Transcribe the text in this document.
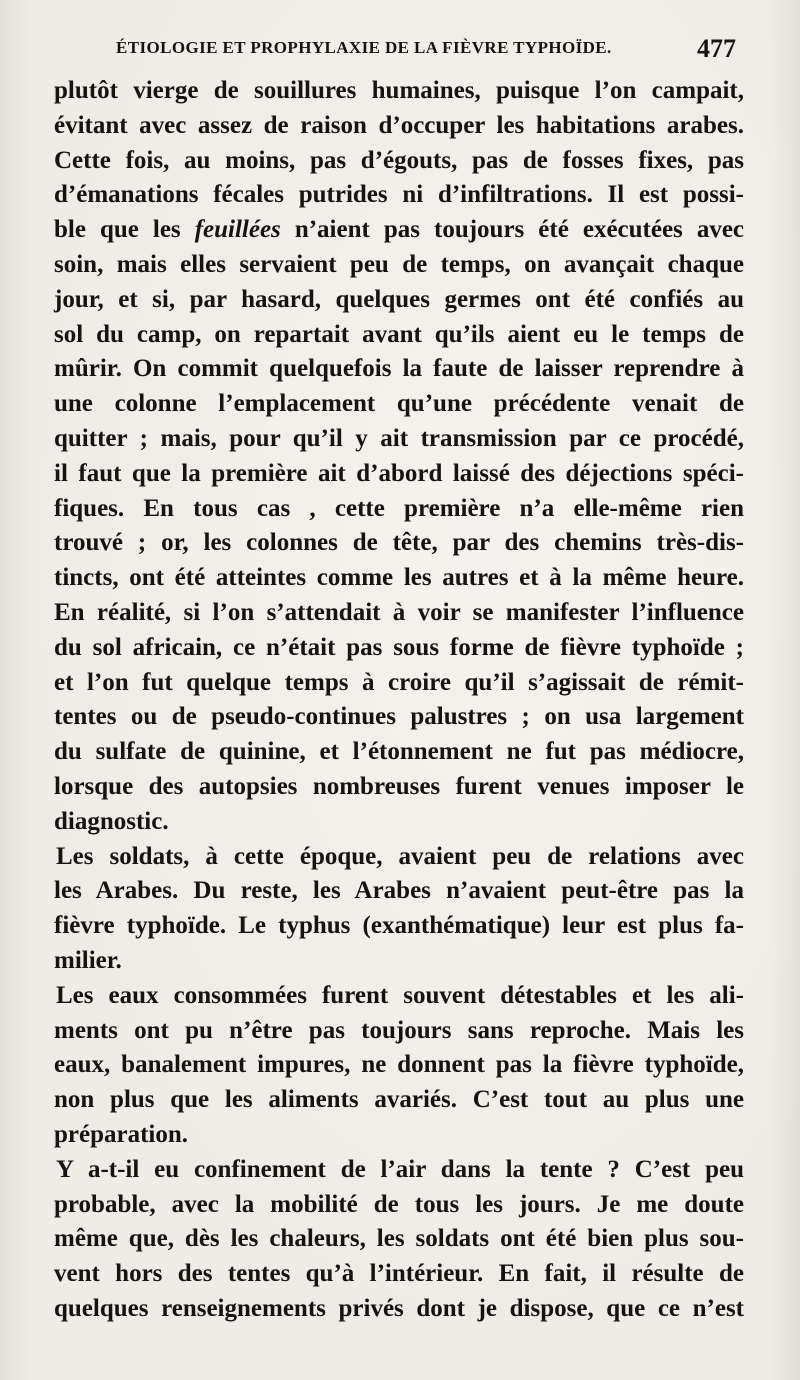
ÉTIOLOGIE ET PROPHYLAXIE DE LA FIÈVRE TYPHOÏDE.	477
plutôt vierge de souillures humaines, puisque l’on campait,
évitant avec assez de raison d’occuper les habitations arabes.
Cette fois, au moins, pas d’égouts, pas de fosses fixes, pas
d’émanations fécales putrides ni d’infiltrations. Il est possi-
ble que les feuillées n’aient pas toujours été exécutées avec
soin, mais elles servaient peu de temps, on avançait chaque
jour, et si, par hasard, quelques germes ont été confiés au
sol du camp, on repartait avant qu’ils aient eu le temps de
mûrir. On commit quelquefois la faute de laisser reprendre à
une colonne l’emplacement qu’une précédente venait de
quitter ; mais, pour qu’il y ait transmission par ce procédé,
il faut que la première ait d’abord laissé des déjections spéci-
fiques. En tous cas , cette première n’a elle-même rien
trouvé ; or, les colonnes de tête, par des chemins très-dis-
tincts, ont été atteintes comme les autres et à la même heure.
En réalité, si l’on s’attendait à voir se manifester l’influence
du sol africain, ce n’était pas sous forme de fièvre typhoïde ;
et l’on fut quelque temps à croire qu’il s’agissait de rémit-
tentes ou de pseudo-continues palustres ; on usa largement
du sulfate de quinine, et l’étonnement ne fut pas médiocre,
lorsque des autopsies nombreuses furent venues imposer le
diagnostic.
Les soldats, à cette époque, avaient peu de relations avec
les Arabes. Du reste, les Arabes n’avaient peut-être pas la
fièvre typhoïde. Le typhus (exanthématique) leur est plus fa-
milier.
Les eaux consommées furent souvent détestables et les ali-
ments ont pu n’être pas toujours sans reproche. Mais les
eaux, banalement impures, ne donnent pas la fièvre typhoïde,
non plus que les aliments avariés. C’est tout au plus une
préparation.
Y a-t-il eu confinement de l’air dans la tente ? C’est peu
probable, avec la mobilité de tous les jours. Je me doute
même que, dès les chaleurs, les soldats ont été bien plus sou-
vent hors des tentes qu’à l’intérieur. En fait, il résulte de
quelques renseignements privés dont je dispose, que ce n’est
